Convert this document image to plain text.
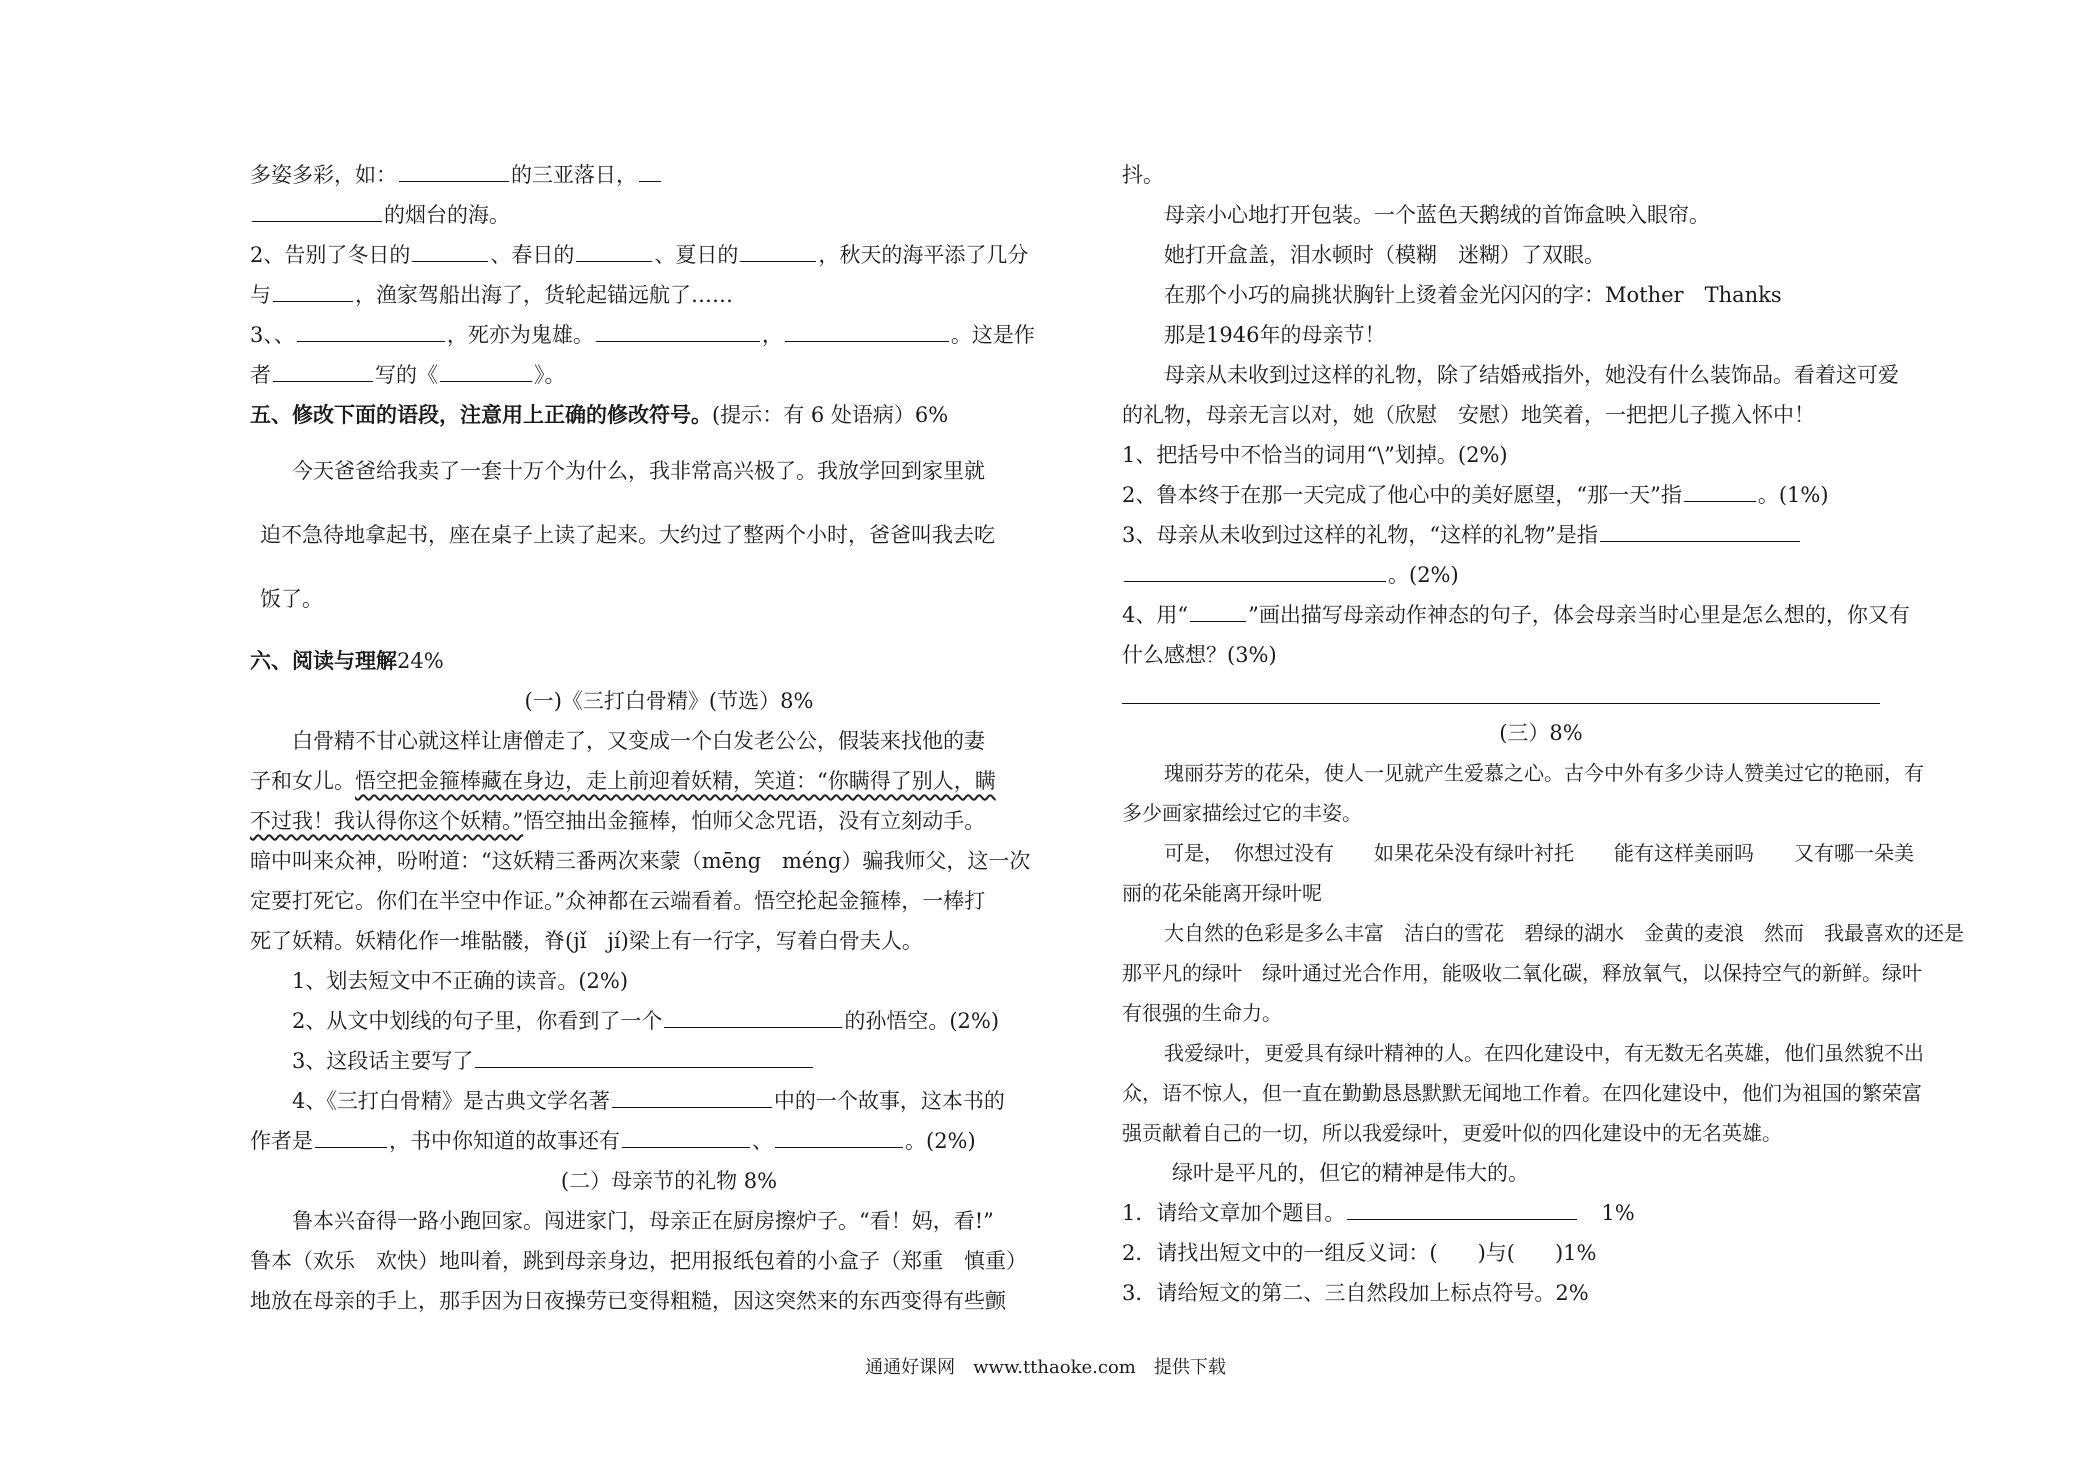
多姿多彩，如：	的三亚落日，
的烟台的海。
2、告别了冬日的	、春日的	、夏日的	，秋天的海平添了几分
与	，渔家驾船出海了，货轮起锚远航了……
3、、	，死亦为鬼雄。	，	。这是作
者	写的《	》。
五、修改下面的语段，注意用上正确的修改符号。(提示：有 6 处语病）6%
今天爸爸给我卖了一套十万个为什么，我非常高兴极了。我放学回到家里就
迫不急待地拿起书，座在桌子上读了起来。大约过了整两个小时，爸爸叫我去吃
饭了。
六、阅读与理解24%
(一)《三打白骨精》(节选）8%
白骨精不甘心就这样让唐僧走了，又变成一个白发老公公，假装来找他的妻
子和女儿。悟空把金箍棒藏在身边，走上前迎着妖精，笑道：“你瞒得了别人，瞒
不过我！我认得你这个妖精。”悟空抽出金箍棒，怕师父念咒语，没有立刻动手。
暗中叫来众神，吩咐道：“这妖精三番两次来蒙（mēng　méng）骗我师父，这一次
定要打死它。你们在半空中作证。”众神都在云端看着。悟空抡起金箍棒，一棒打
死了妖精。妖精化作一堆骷髅，脊(jǐ　jí)梁上有一行字，写着白骨夫人。
1、划去短文中不正确的读音。(2%)
2、从文中划线的句子里，你看到了一个	的孙悟空。(2%)
3、这段话主要写了
4、《三打白骨精》是古典文学名著	中的一个故事，这本书的
作者是	，书中你知道的故事还有	、	。(2%)
(二）母亲节的礼物 8%
鲁本兴奋得一路小跑回家。闯进家门，母亲正在厨房擦炉子。“看！妈，看!”
鲁本（欢乐　欢快）地叫着，跳到母亲身边，把用报纸包着的小盒子（郑重　慎重）
地放在母亲的手上，那手因为日夜操劳已变得粗糙，因这突然来的东西变得有些颤
抖。
母亲小心地打开包装。一个蓝色天鹅绒的首饰盒映入眼帘。
她打开盒盖，泪水顿时（模糊　迷糊）了双眼。
在那个小巧的扁挑状胸针上烫着金光闪闪的字：Mother　Thanks
那是1946年的母亲节！
母亲从未收到过这样的礼物，除了结婚戒指外，她没有什么装饰品。看着这可爱
的礼物，母亲无言以对，她（欣慰　安慰）地笑着，一把把儿子揽入怀中！
1、把括号中不恰当的词用“\”划掉。(2%)
2、鲁本终于在那一天完成了他心中的美好愿望，“那一天”指	。(1%)
3、母亲从未收到过这样的礼物，“这样的礼物”是指
。(2%)
4、用“	”画出描写母亲动作神态的句子，体会母亲当时心里是怎么想的，你又有
什么感想？(3%)
(三）8%
瑰丽芬芳的花朵，使人一见就产生爱慕之心。古今中外有多少诗人赞美过它的艳丽，有
多少画家描绘过它的丰姿。
可是，　你想过没有　　如果花朵没有绿叶衬托　　能有这样美丽吗　　又有哪一朵美
丽的花朵能离开绿叶呢
大自然的色彩是多么丰富　洁白的雪花　碧绿的湖水　金黄的麦浪　然而　我最喜欢的还是
那平凡的绿叶　绿叶通过光合作用，能吸收二氧化碳，释放氧气，以保持空气的新鲜。绿叶
有很强的生命力。
我爱绿叶，更爱具有绿叶精神的人。在四化建设中，有无数无名英雄，他们虽然貌不出
众，语不惊人，但一直在勤勤恳恳默默无闻地工作着。在四化建设中，他们为祖国的繁荣富
强贡献着自己的一切，所以我爱绿叶，更爱叶似的四化建设中的无名英雄。
绿叶是平凡的，但它的精神是伟大的。
1．请给文章加个题目。	1%
2．请找出短文中的一组反义词：( )与( )1%
3．请给短文的第二、三自然段加上标点符号。2%
通通好课网　www.tthaoke.com　提供下载
